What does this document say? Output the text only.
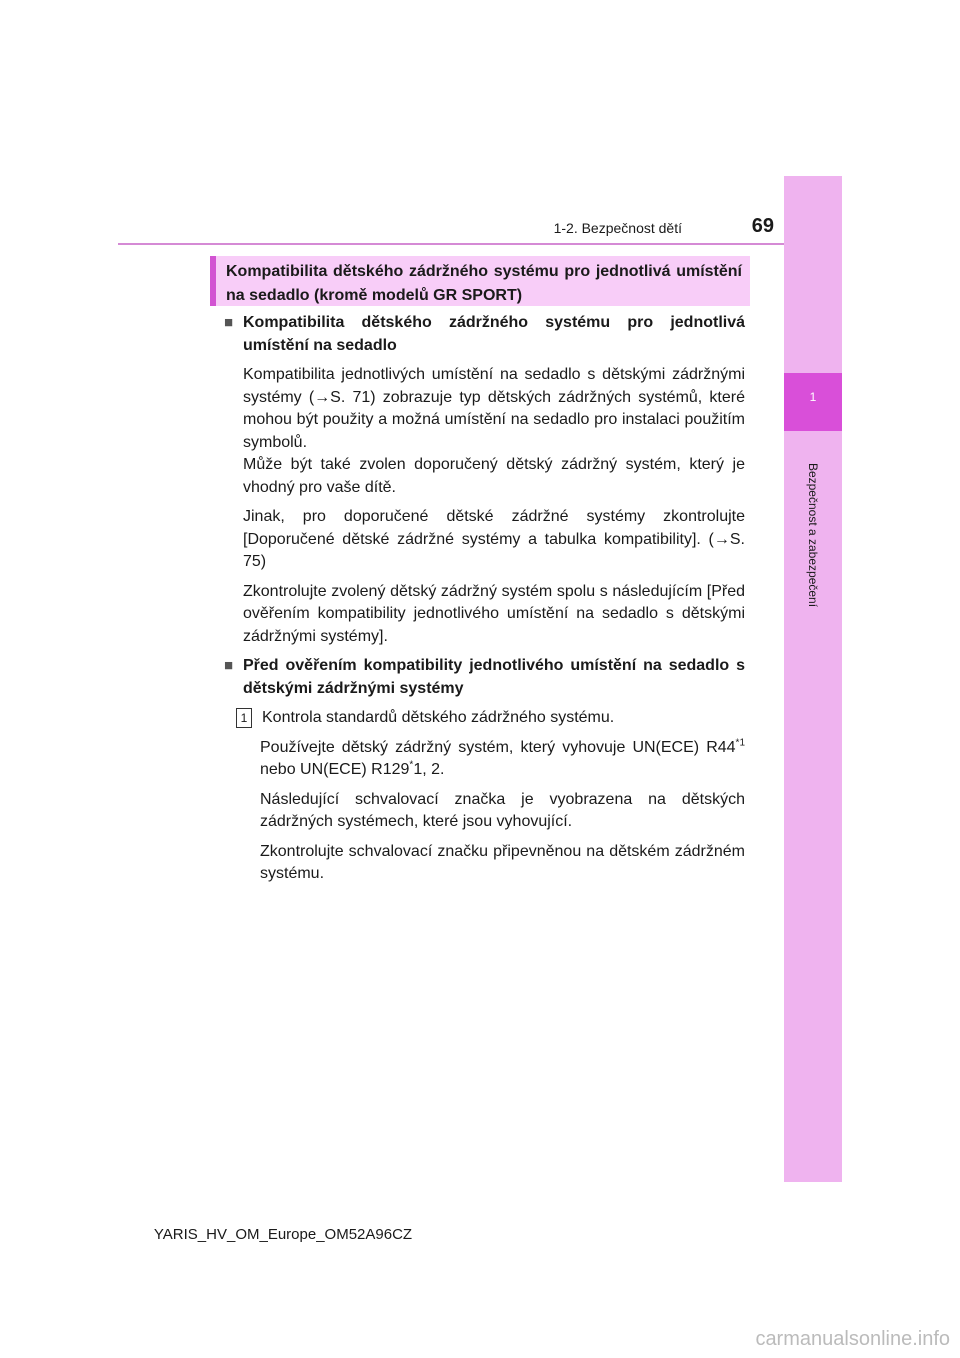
1
Bezpečnost a zabezpečení
1-2. Bezpečnost dětí	69
Kompatibilita dětského zádržného systému pro jednotlivá umístění na sedadlo (kromě modelů GR SPORT)
■ Kompatibilita dětského zádržného systému pro jednotlivá umístění na sedadlo
Kompatibilita jednotlivých umístění na sedadlo s dětskými zádržnými systémy (→S. 71) zobrazuje typ dětských zádržných systémů, které mohou být použity a možná umístění na sedadlo pro instalaci použitím symbolů.
Může být také zvolen doporučený dětský zádržný systém, který je vhodný pro vaše dítě.
Jinak, pro doporučené dětské zádržné systémy zkontrolujte [Doporučené dětské zádržné systémy a tabulka kompatibility]. (→S. 75)
Zkontrolujte zvolený dětský zádržný systém spolu s následujícím [Před ověřením kompatibility jednotlivého umístění na sedadlo s dětskými zádržnými systémy].
■ Před ověřením kompatibility jednotlivého umístění na sedadlo s dětskými zádržnými systémy
1 Kontrola standardů dětského zádržného systému.
Používejte dětský zádržný systém, který vyhovuje UN(ECE) R44$^{*1}$ nebo UN(ECE) R129*1, 2.
Následující schvalovací značka je vyobrazena na dětských zádržných systémech, které jsou vyhovující.
Zkontrolujte schvalovací značku připevněnou na dětském zádržném systému.
YARIS_HV_OM_Europe_OM52A96CZ
carmanualsonline.info
